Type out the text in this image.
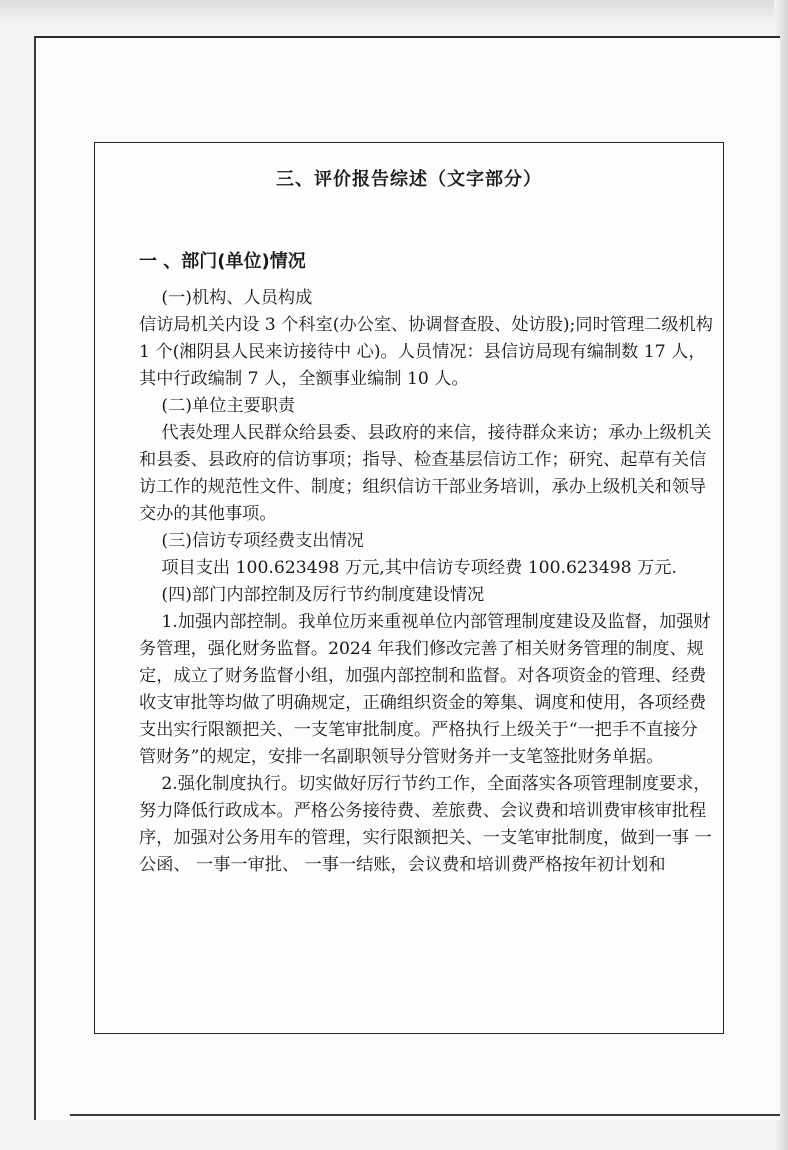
三、评价报告综述（文字部分）
一 、部门(单位)情况

(一)机构、人员构成

信访局机关内设 3 个科室(办公室、协调督查股、处访股);同时管理二级机构 1 个(湘阴县人民来访接待中 心)。人员情况：县信访局现有编制数 17 人，其中行政编制 7 人，全额事业编制 10 人。

(二)单位主要职责

代表处理人民群众给县委、县政府的来信，接待群众来访；承办上级机关和县委、县政府的信访事项；指导、检查基层信访工作；研究、起草有关信访工作的规范性文件、制度；组织信访干部业务培训，承办上级机关和领导交办的其他事项。

(三)信访专项经费支出情况

项目支出 100.623498 万元,其中信访专项经费 100.623498 万元.

(四)部门内部控制及厉行节约制度建设情况

1.加强内部控制。我单位历来重视单位内部管理制度建设及监督，加强财务管理，强化财务监督。2024 年我们修改完善了相关财务管理的制度、规定，成立了财务监督小组，加强内部控制和监督。对各项资金的管理、经费收支审批等均做了明确规定，正确组织资金的筹集、调度和使用，各项经费支出实行限额把关、一支笔审批制度。严格执行上级关于“一把手不直接分管财务”的规定，安排一名副职领导分管财务并一支笔签批财务单据。

2.强化制度执行。切实做好厉行节约工作，全面落实各项管理制度要求，努力降低行政成本。严格公务接待费、差旅费、会议费和培训费审核审批程序，加强对公务用车的管理，实行限额把关、一支笔审批制度，做到一事 一公函、 一事一审批、 一事一结账，会议费和培训费严格按年初计划和
